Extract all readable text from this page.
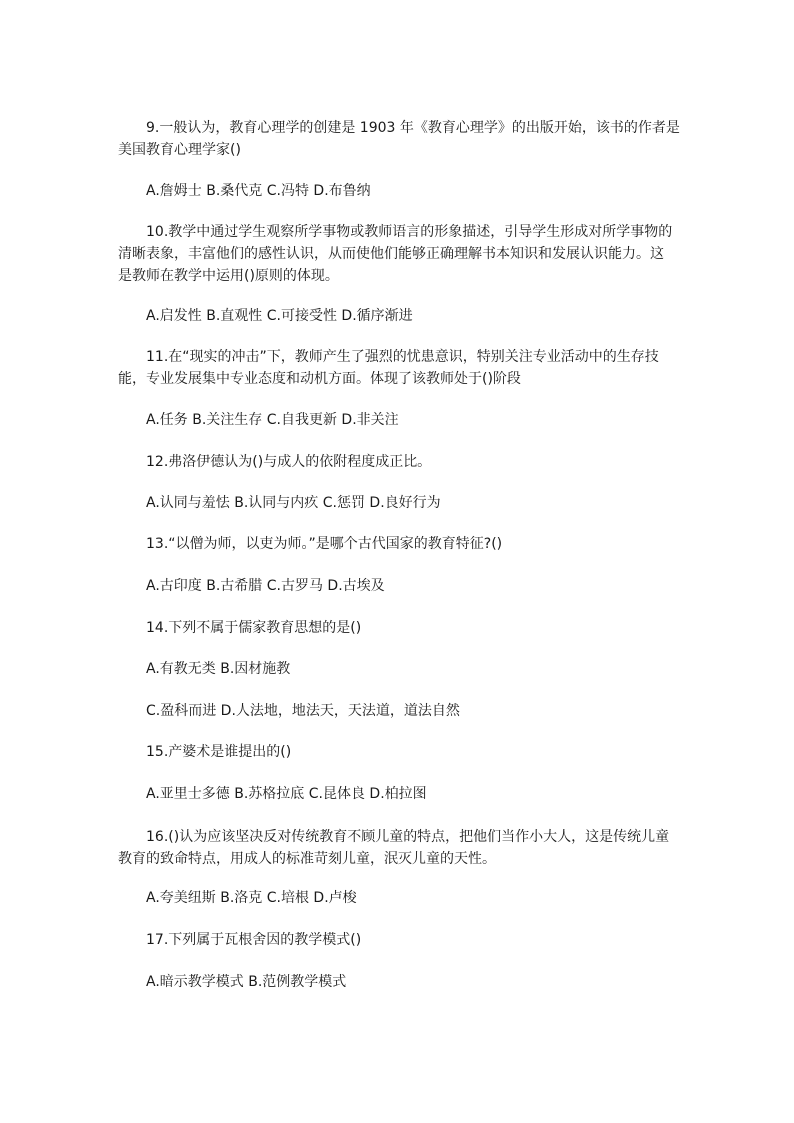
9.一般认为，教育心理学的创建是 1903 年《教育心理学》的出版开始，该书的作者是
美国教育心理学家()
A.詹姆士 B.桑代克 C.冯特 D.布鲁纳
10.教学中通过学生观察所学事物或教师语言的形象描述，引导学生形成对所学事物的
清晰表象，丰富他们的感性认识，从而使他们能够正确理解书本知识和发展认识能力。这
是教师在教学中运用()原则的体现。
A.启发性 B.直观性 C.可接受性 D.循序渐进
11.在“现实的冲击”下，教师产生了强烈的忧患意识，特别关注专业活动中的生存技
能，专业发展集中专业态度和动机方面。体现了该教师处于()阶段
A.任务 B.关注生存 C.自我更新 D.非关注
12.弗洛伊德认为()与成人的依附程度成正比。
A.认同与羞怯 B.认同与内疚 C.惩罚 D.良好行为
13.“以僧为师，以吏为师。”是哪个古代国家的教育特征?()
A.古印度 B.古希腊 C.古罗马 D.古埃及
14.下列不属于儒家教育思想的是()
A.有教无类 B.因材施教
C.盈科而进 D.人法地，地法天，天法道，道法自然
15.产婆术是谁提出的()
A.亚里士多德 B.苏格拉底 C.昆体良 D.柏拉图
16.()认为应该坚决反对传统教育不顾儿童的特点，把他们当作小大人，这是传统儿童
教育的致命特点，用成人的标准苛刻儿童，泯灭儿童的天性。
A.夸美纽斯 B.洛克 C.培根 D.卢梭
17.下列属于瓦根舍因的教学模式()
A.暗示教学模式 B.范例教学模式
